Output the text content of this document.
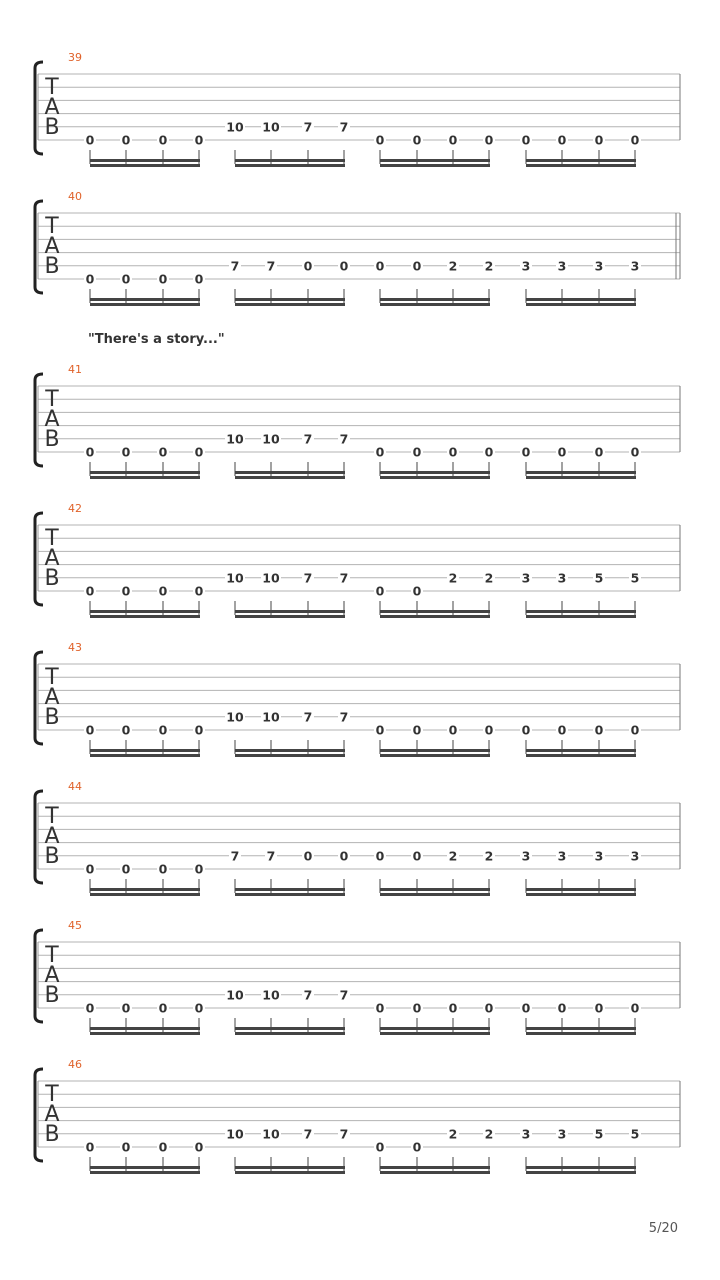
T
A
B
39
0 0 0 0
10 10 7 7
0 0 0 0 0 0 0 0
T
A
B
40
0 0 0 0
7 7 0 0 0 0 2 2 3 3 3 3
T
A
B
41
0 0 0 0
10 10 7 7
0 0 0 0 0 0 0 0
T
A
B
42
0 0 0 0
10 10 7 7
0 0
2 2 3 3 5 5
T
A
B
43
0 0 0 0
10 10 7 7
0 0 0 0 0 0 0 0
T
A
B
44
0 0 0 0
7 7 0 0 0 0 2 2 3 3 3 3
T
A
B
45
0 0 0 0
10 10 7 7
0 0 0 0 0 0 0 0
T
A
B
46
0 0 0 0
10 10 7 7
0 0
2 2 3 3 5 5
"There's a story..."
5/20
